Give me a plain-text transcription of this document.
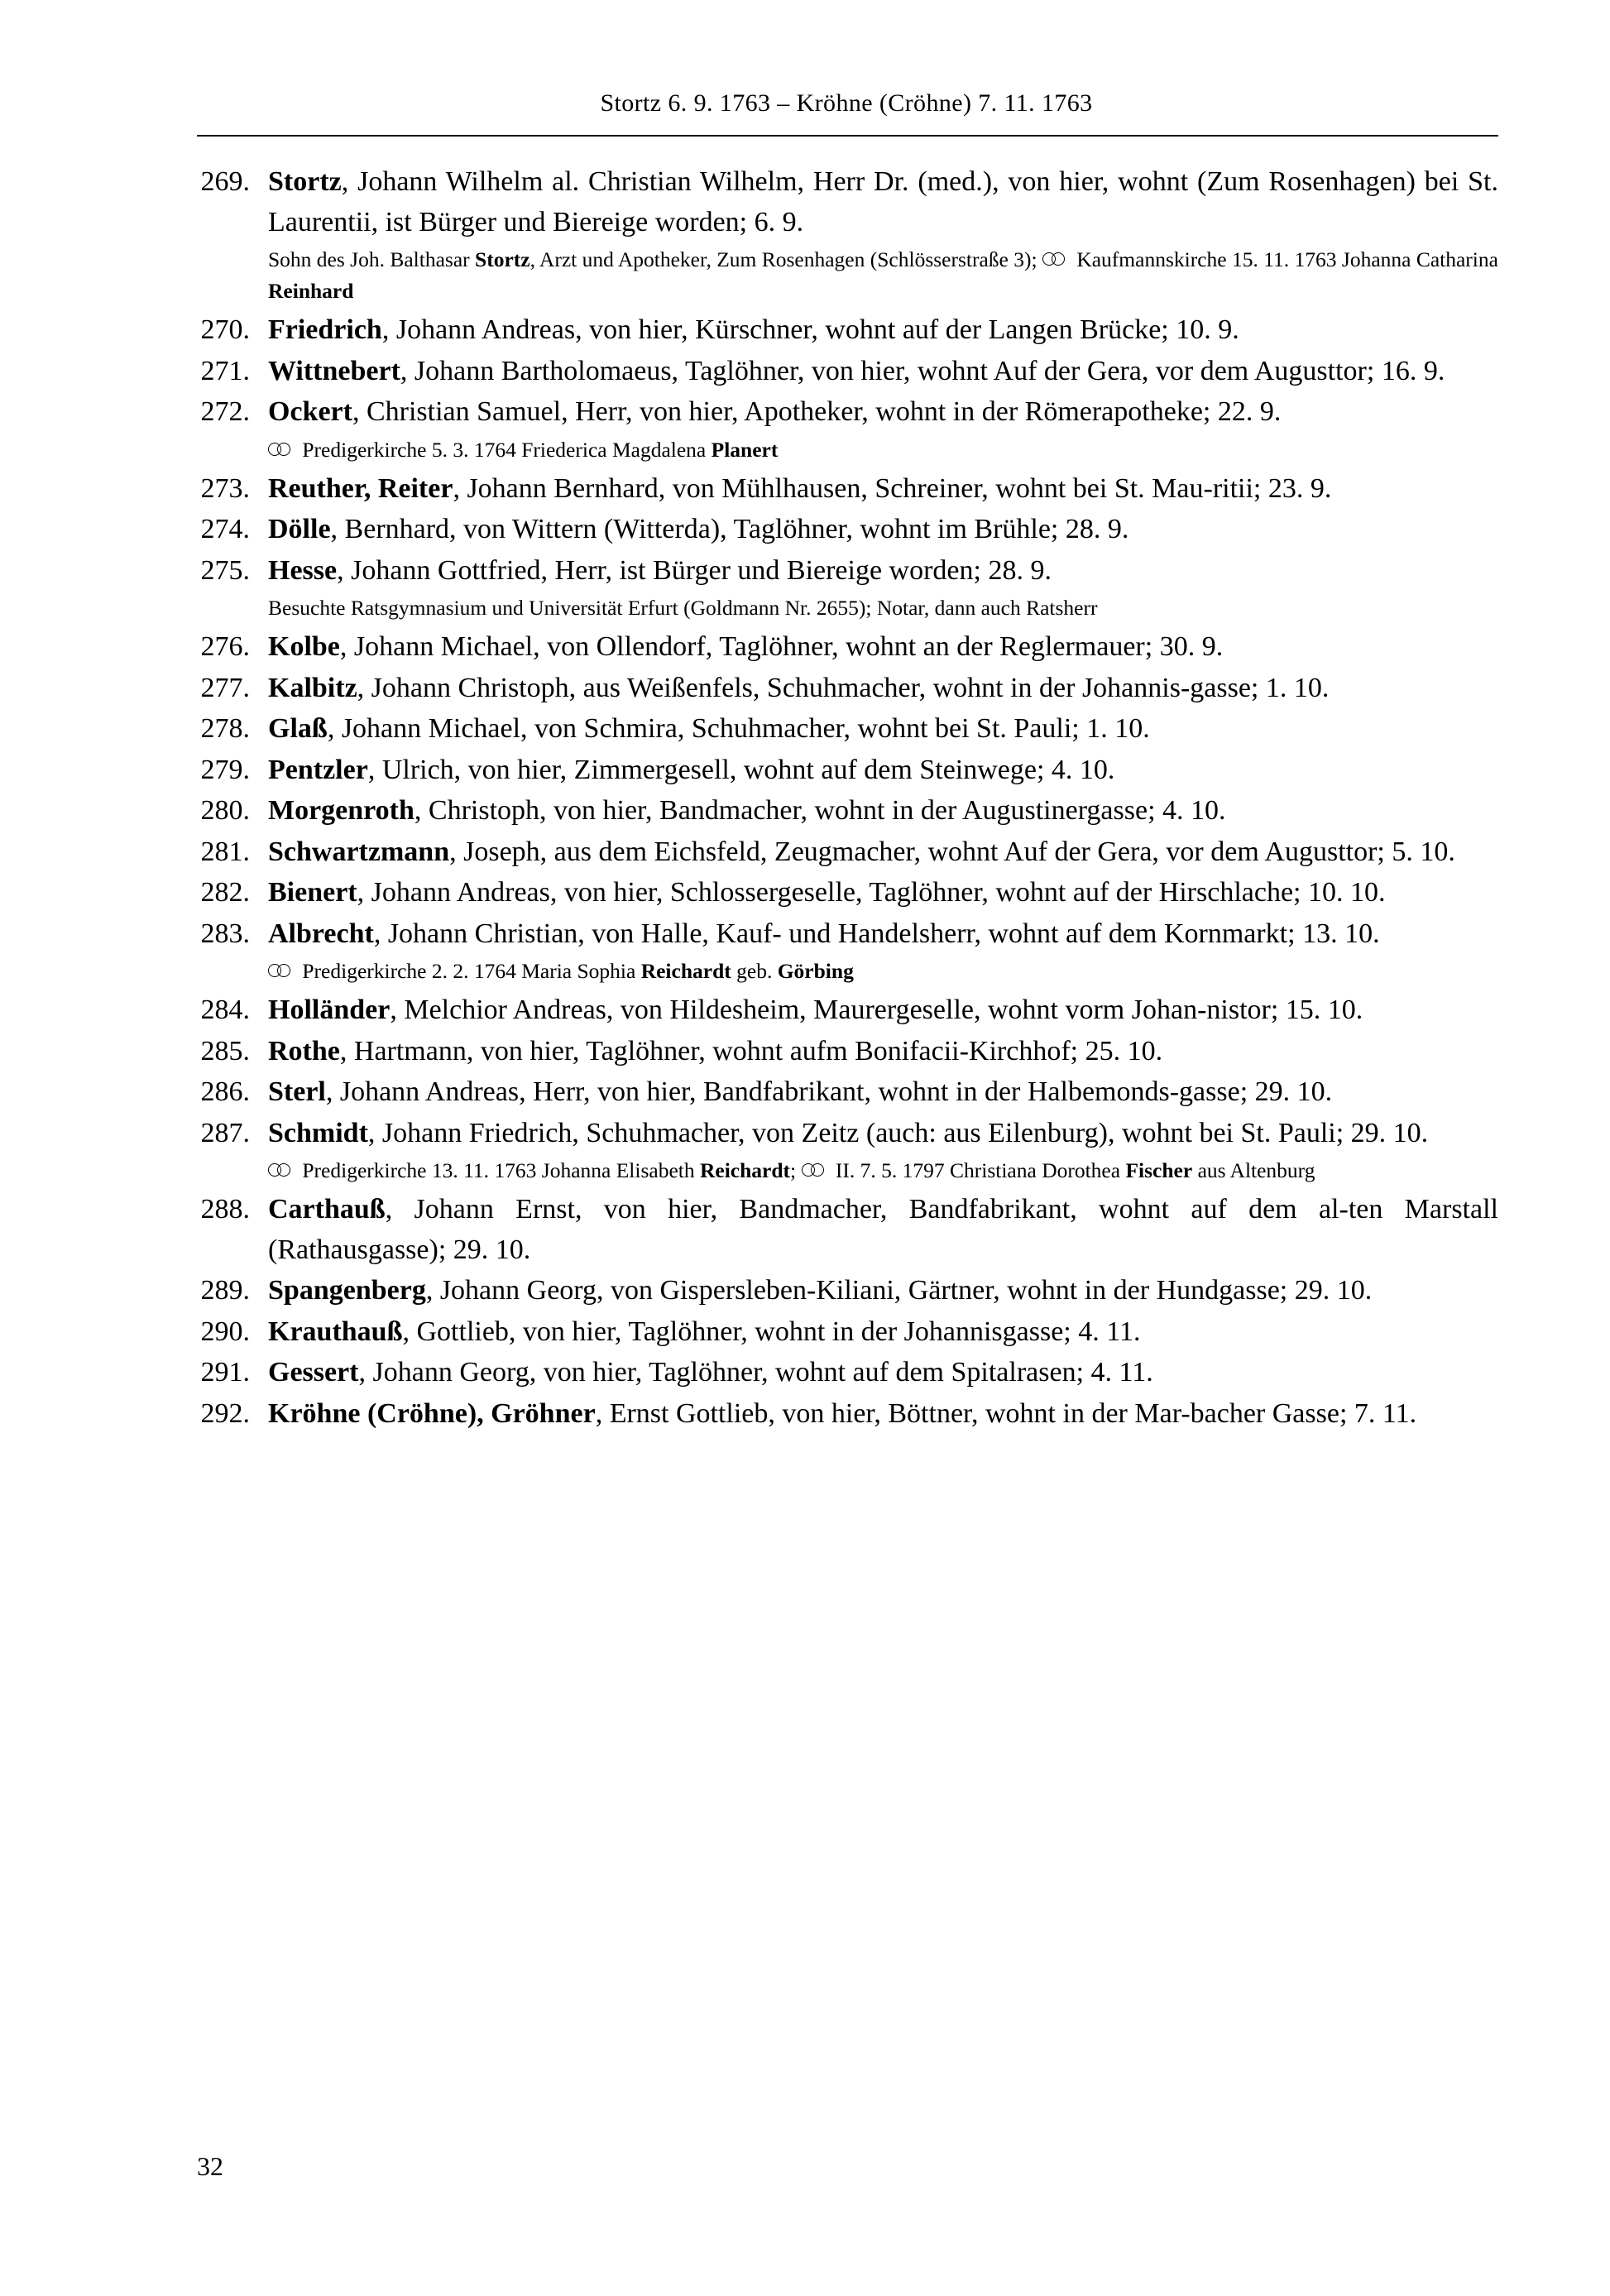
Stortz 6. 9. 1763 – Kröhne (Cröhne) 7. 11. 1763
269. Stortz, Johann Wilhelm al. Christian Wilhelm, Herr Dr. (med.), von hier, wohnt (Zum Rosenhagen) bei St. Laurentii, ist Bürger und Biereige worden; 6. 9.
Sohn des Joh. Balthasar Stortz, Arzt und Apotheker, Zum Rosenhagen (Schlösserstraße 3);  Kaufmannskirche 15. 11. 1763 Johanna Catharina Reinhard
270. Friedrich, Johann Andreas, von hier, Kürschner, wohnt auf der Langen Brücke; 10. 9.
271. Wittnebert, Johann Bartholomaeus, Taglöhner, von hier, wohnt Auf der Gera, vor dem Augusttor; 16. 9.
272. Ockert, Christian Samuel, Herr, von hier, Apotheker, wohnt in der Römerapotheke; 22. 9.
Predigerkirche 5. 3. 1764 Friederica Magdalena Planert
273. Reuther, Reiter, Johann Bernhard, von Mühlhausen, Schreiner, wohnt bei St. Mau-ritii; 23. 9.
274. Dölle, Bernhard, von Wittern (Witterda), Taglöhner, wohnt im Brühle; 28. 9.
275. Hesse, Johann Gottfried, Herr, ist Bürger und Biereige worden; 28. 9.
Besuchte Ratsgymnasium und Universität Erfurt (Goldmann Nr. 2655); Notar, dann auch Ratsherr
276. Kolbe, Johann Michael, von Ollendorf, Taglöhner, wohnt an der Reglermauer; 30. 9.
277. Kalbitz, Johann Christoph, aus Weißenfels, Schuhmacher, wohnt in der Johannis-gasse; 1. 10.
278. Glaß, Johann Michael, von Schmira, Schuhmacher, wohnt bei St. Pauli; 1. 10.
279. Pentzler, Ulrich, von hier, Zimmergesell, wohnt auf dem Steinwege; 4. 10.
280. Morgenroth, Christoph, von hier, Bandmacher, wohnt in der Augustinergasse; 4. 10.
281. Schwartzmann, Joseph, aus dem Eichsfeld, Zeugmacher, wohnt Auf der Gera, vor dem Augusttor; 5. 10.
282. Bienert, Johann Andreas, von hier, Schlossergeselle, Taglöhner, wohnt auf der Hirschlache; 10. 10.
283. Albrecht, Johann Christian, von Halle, Kauf- und Handelsherr, wohnt auf dem Kornmarkt; 13. 10.
Predigerkirche 2. 2. 1764 Maria Sophia Reichardt geb. Görbing
284. Holländer, Melchior Andreas, von Hildesheim, Maurergeselle, wohnt vorm Johan-nistor; 15. 10.
285. Rothe, Hartmann, von hier, Taglöhner, wohnt aufm Bonifacii-Kirchhof; 25. 10.
286. Sterl, Johann Andreas, Herr, von hier, Bandfabrikant, wohnt in der Halbemonds-gasse; 29. 10.
287. Schmidt, Johann Friedrich, Schuhmacher, von Zeitz (auch: aus Eilenburg), wohnt bei St. Pauli; 29. 10.
Predigerkirche 13. 11. 1763 Johanna Elisabeth Reichardt;  II. 7. 5. 1797 Christiana Dorothea Fischer aus Altenburg
288. Carthauß, Johann Ernst, von hier, Bandmacher, Bandfabrikant, wohnt auf dem al-ten Marstall (Rathausgasse); 29. 10.
289. Spangenberg, Johann Georg, von Gispersleben-Kiliani, Gärtner, wohnt in der Hundgasse; 29. 10.
290. Krauthauß, Gottlieb, von hier, Taglöhner, wohnt in der Johannisgasse; 4. 11.
291. Gessert, Johann Georg, von hier, Taglöhner, wohnt auf dem Spitalrasen; 4. 11.
292. Kröhne (Cröhne), Gröhner, Ernst Gottlieb, von hier, Böttner, wohnt in der Mar-bacher Gasse; 7. 11.
32
